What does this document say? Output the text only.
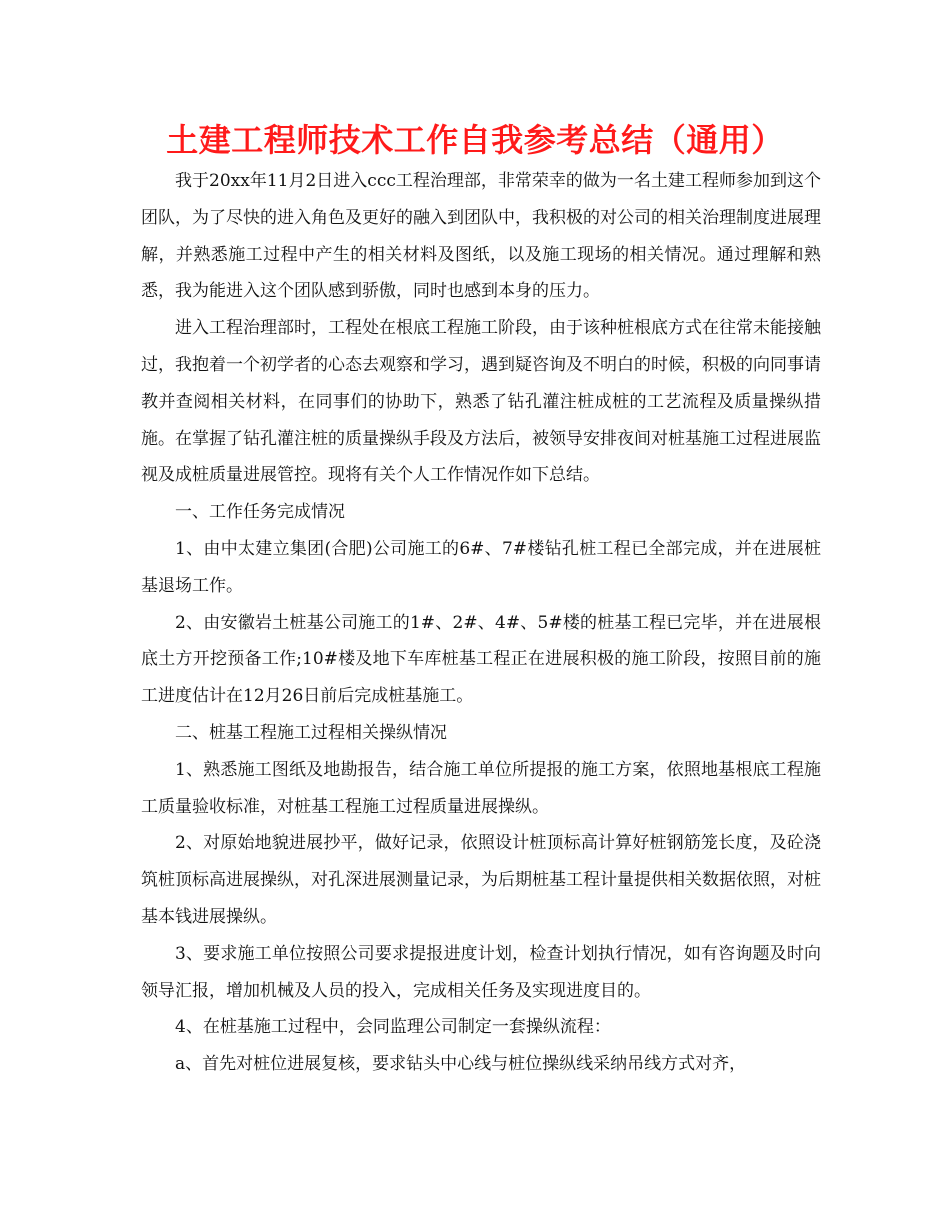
土建工程师技术工作自我参考总结（通用）

我于20xx年11月2日进入ccc工程治理部，非常荣幸的做为一名土建工程师参加到这个团队，为了尽快的进入角色及更好的融入到团队中，我积极的对公司的相关治理制度进展理解，并熟悉施工过程中产生的相关材料及图纸，以及施工现场的相关情况。通过理解和熟悉，我为能进入这个团队感到骄傲，同时也感到本身的压力。

进入工程治理部时，工程处在根底工程施工阶段，由于该种桩根底方式在往常未能接触过，我抱着一个初学者的心态去观察和学习，遇到疑咨询及不明白的时候，积极的向同事请教并查阅相关材料，在同事们的协助下，熟悉了钻孔灌注桩成桩的工艺流程及质量操纵措施。在掌握了钻孔灌注桩的质量操纵手段及方法后，被领导安排夜间对桩基施工过程进展监视及成桩质量进展管控。现将有关个人工作情况作如下总结。

一、工作任务完成情况

1、由中太建立集团(合肥)公司施工的6#、7#楼钻孔桩工程已全部完成，并在进展桩基退场工作。

2、由安徽岩土桩基公司施工的1#、2#、4#、5#楼的桩基工程已完毕，并在进展根底土方开挖预备工作;10#楼及地下车库桩基工程正在进展积极的施工阶段，按照目前的施工进度估计在12月26日前后完成桩基施工。

二、桩基工程施工过程相关操纵情况

1、熟悉施工图纸及地勘报告，结合施工单位所提报的施工方案，依照地基根底工程施工质量验收标准，对桩基工程施工过程质量进展操纵。

2、对原始地貌进展抄平，做好记录，依照设计桩顶标高计算好桩钢筋笼长度，及砼浇筑桩顶标高进展操纵，对孔深进展测量记录，为后期桩基工程计量提供相关数据依照，对桩基本钱进展操纵。

3、要求施工单位按照公司要求提报进度计划，检查计划执行情况，如有咨询题及时向领导汇报，增加机械及人员的投入，完成相关任务及实现进度目的。

4、在桩基施工过程中，会同监理公司制定一套操纵流程：

a、首先对桩位进展复核，要求钻头中心线与桩位操纵线采纳吊线方式对齐，
